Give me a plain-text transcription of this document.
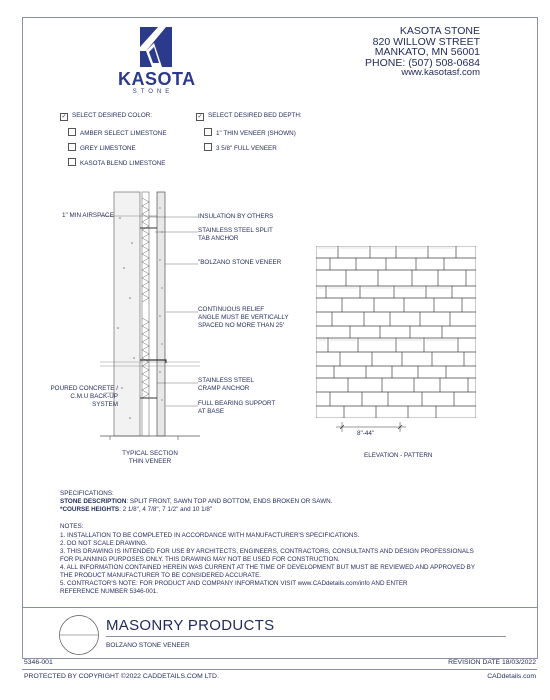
KASOTA
STONE
KASOTA STONE
820 WILLOW STREET
MANKATO, MN 56001
PHONE: (507) 508-0684
www.kasotasf.com
✓ SELECT DESIRED COLOR:
AMBER SELECT LIMESTONE
GREY LIMESTONE
KASOTA BLEND LIMESTONE
✓ SELECT DESIRED BED DEPTH:
1" THIN VENEER (SHOWN)
3 5/8" FULL VENEER
1" MIN AIRSPACE	INSULATION BY OTHERS
STAINLESS STEEL SPLIT
TAB ANCHOR
"BOLZANO STONE VENEER
CONTINUOUS RELIEF
ANGLE MUST BE VERTICALLY
SPACED NO MORE THAN 25'
STAINLESS STEEL
CRAMP ANCHOR
FULL BEARING SUPPORT
AT BASE
POURED CONCRETE /
C.M.U BACK-UP
SYSTEM
TYPICAL SECTION
THIN VENEER
8"-44"
ELEVATION - PATTERN
SPECIFICATIONS:
STONE DESCRIPTION: SPLIT FRONT, SAWN TOP AND BOTTOM, ENDS BROKEN OR SAWN.
*COURSE HEIGHTS: 2 1/8", 4 7/8", 7 1/2" and 10 1/8"
NOTES:
1. INSTALLATION TO BE COMPLETED IN ACCORDANCE WITH MANUFACTURER'S SPECIFICATIONS.
2. DO NOT SCALE DRAWING.
3. THIS DRAWING IS INTENDED FOR USE BY ARCHITECTS, ENGINEERS, CONTRACTORS, CONSULTANTS AND DESIGN PROFESSIONALS
FOR PLANNING PURPOSES ONLY. THIS DRAWING MAY NOT BE USED FOR CONSTRUCTION.
4. ALL INFORMATION CONTAINED HEREIN WAS CURRENT AT THE TIME OF DEVELOPMENT BUT MUST BE REVIEWED AND APPROVED BY
THE PRODUCT MANUFACTURER TO BE CONSIDERED ACCURATE.
5. CONTRACTOR'S NOTE: FOR PRODUCT AND COMPANY INFORMATION VISIT www.CADdetails.com/info AND ENTER
REFERENCE NUMBER 5346-001.
MASONRY PRODUCTS
BOLZANO STONE VENEER
5346-001	REVISION DATE 18/03/2022
PROTECTED BY COPYRIGHT ©2022 CADDETAILS.COM LTD.	CADdetails.com
